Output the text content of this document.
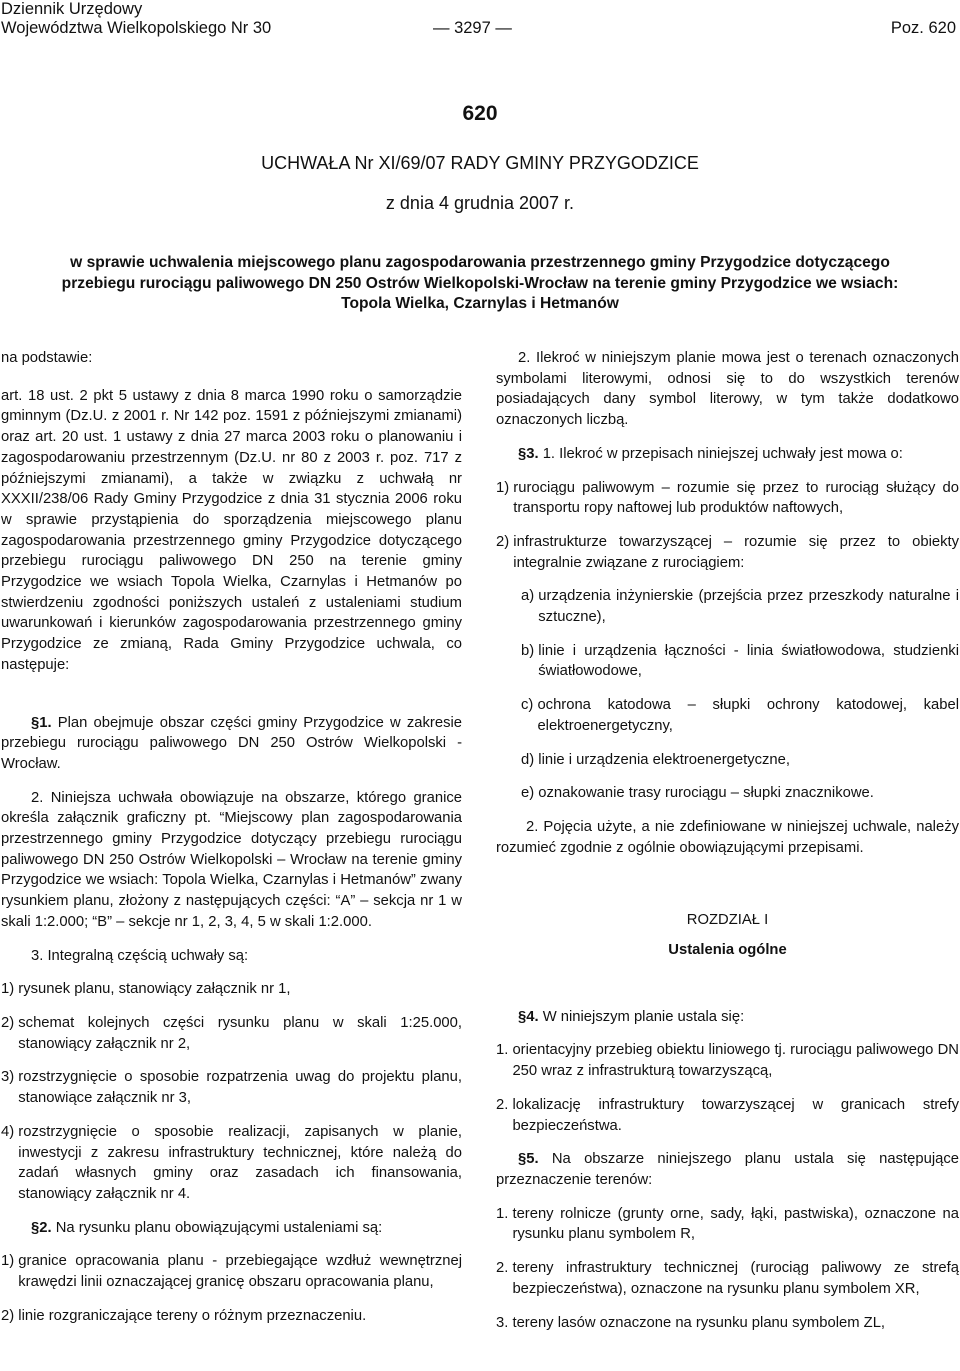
Dziennik Urzędowy
Województwa Wielkopolskiego Nr 30	— 3297 —	Poz. 620
620
UCHWAŁA Nr XI/69/07 RADY GMINY PRZYGODZICE
z dnia 4 grudnia 2007 r.
w sprawie uchwalenia miejscowego planu zagospodarowania przestrzennego gminy Przygodzice dotyczącego przebiegu rurociągu paliwowego DN 250 Ostrów Wielkopolski-Wrocław na terenie gminy Przygodzice we wsiach: Topola Wielka, Czarnylas i Hetmanów

na podstawie:

art. 18 ust. 2 pkt 5 ustawy z dnia 8 marca 1990 roku o samorządzie gminnym (Dz.U. z 2001 r. Nr 142 poz. 1591 z późniejszymi zmianami) oraz art. 20 ust. 1 ustawy z dnia 27 marca 2003 roku o planowaniu i zagospodarowaniu przestrzennym (Dz.U. nr 80 z 2003 r. poz. 717 z późniejszymi zmianami), a także w związku z uchwałą nr XXXII/238/06 Rady Gminy Przygodzice z dnia 31 stycznia 2006 roku w sprawie przystąpienia do sporządzenia miejscowego planu zagospodarowania przestrzennego gminy Przygodzice dotyczącego przebiegu rurociągu paliwowego DN 250 na terenie gminy Przygodzice we wsiach Topola Wielka, Czarnylas i Hetmanów po stwierdzeniu zgodności poniższych ustaleń z ustaleniami studium uwarunkowań i kierunków zagospodarowania przestrzennego gminy Przygodzice ze zmianą, Rada Gminy Przygodzice uchwala, co następuje:

§1. Plan obejmuje obszar części gminy Przygodzice w zakresie przebiegu rurociągu paliwowego DN 250 Ostrów Wielkopolski - Wrocław.

2. Niniejsza uchwała obowiązuje na obszarze, którego granice określa załącznik graficzny pt. “Miejscowy plan zagospodarowania przestrzennego gminy Przygodzice dotyczący przebiegu rurociągu paliwowego DN 250 Ostrów Wielkopolski – Wrocław na terenie gminy Przygodzice we wsiach: Topola Wielka, Czarnylas i Hetmanów” zwany rysunkiem planu, złożony z następujących części: “A” – sekcja nr 1 w skali 1:2.000; “B” – sekcje nr 1, 2, 3, 4, 5 w skali 1:2.000.

3. Integralną częścią uchwały są:

1) rysunek planu, stanowiący załącznik nr 1,
2) schemat kolejnych części rysunku planu w skali 1:25.000, stanowiący załącznik nr 2,
3) rozstrzygnięcie o sposobie rozpatrzenia uwag do projektu planu, stanowiące załącznik nr 3,
4) rozstrzygnięcie o sposobie realizacji, zapisanych w planie, inwestycji z zakresu infrastruktury technicznej, które należą do zadań własnych gminy oraz zasadach ich finansowania, stanowiący załącznik nr 4.

§2. Na rysunku planu obowiązującymi ustaleniami są:

1) granice opracowania planu - przebiegające wzdłuż wewnętrznej krawędzi linii oznaczającej granicę obszaru opracowania planu,
2) linie rozgraniczające tereny o różnym przeznaczeniu.

2. Ilekroć w niniejszym planie mowa jest o terenach oznaczonych symbolami literowymi, odnosi się to do wszystkich terenów posiadających dany symbol literowy, w tym także dodatkowo oznaczonych liczbą.

§3. 1. Ilekroć w przepisach niniejszej uchwały jest mowa o:

1) rurociągu paliwowym – rozumie się przez to rurociąg służący do transportu ropy naftowej lub produktów naftowych,
2) infrastrukturze towarzyszącej – rozumie się przez to obiekty integralnie związane z rurociągiem:
a) urządzenia inżynierskie (przejścia przez przeszkody naturalne i sztuczne),
b) linie i urządzenia łączności - linia światłowodowa, studzienki światłowodowe,
c) ochrona katodowa – słupki ochrony katodowej, kabel elektroenergetyczny,
d) linie i urządzenia elektroenergetyczne,
e) oznakowanie trasy rurociągu – słupki znacznikowe.

2. Pojęcia użyte, a nie zdefiniowane w niniejszej uchwale, należy rozumieć zgodnie z ogólnie obowiązującymi przepisami.

ROZDZIAŁ I

Ustalenia ogólne

§4. W niniejszym planie ustala się:

1. orientacyjny przebieg obiektu liniowego tj. rurociągu paliwowego DN 250 wraz z infrastrukturą towarzyszącą,
2. lokalizację infrastruktury towarzyszącej w granicach strefy bezpieczeństwa.

§5. Na obszarze niniejszego planu ustala się następujące przeznaczenie terenów:

1. tereny rolnicze (grunty orne, sady, łąki, pastwiska), oznaczone na rysunku planu symbolem R,
2. tereny infrastruktury technicznej (rurociąg paliwowy ze strefą bezpieczeństwa), oznaczone na rysunku planu symbolem XR,
3. tereny lasów oznaczone na rysunku planu symbolem ZL,
